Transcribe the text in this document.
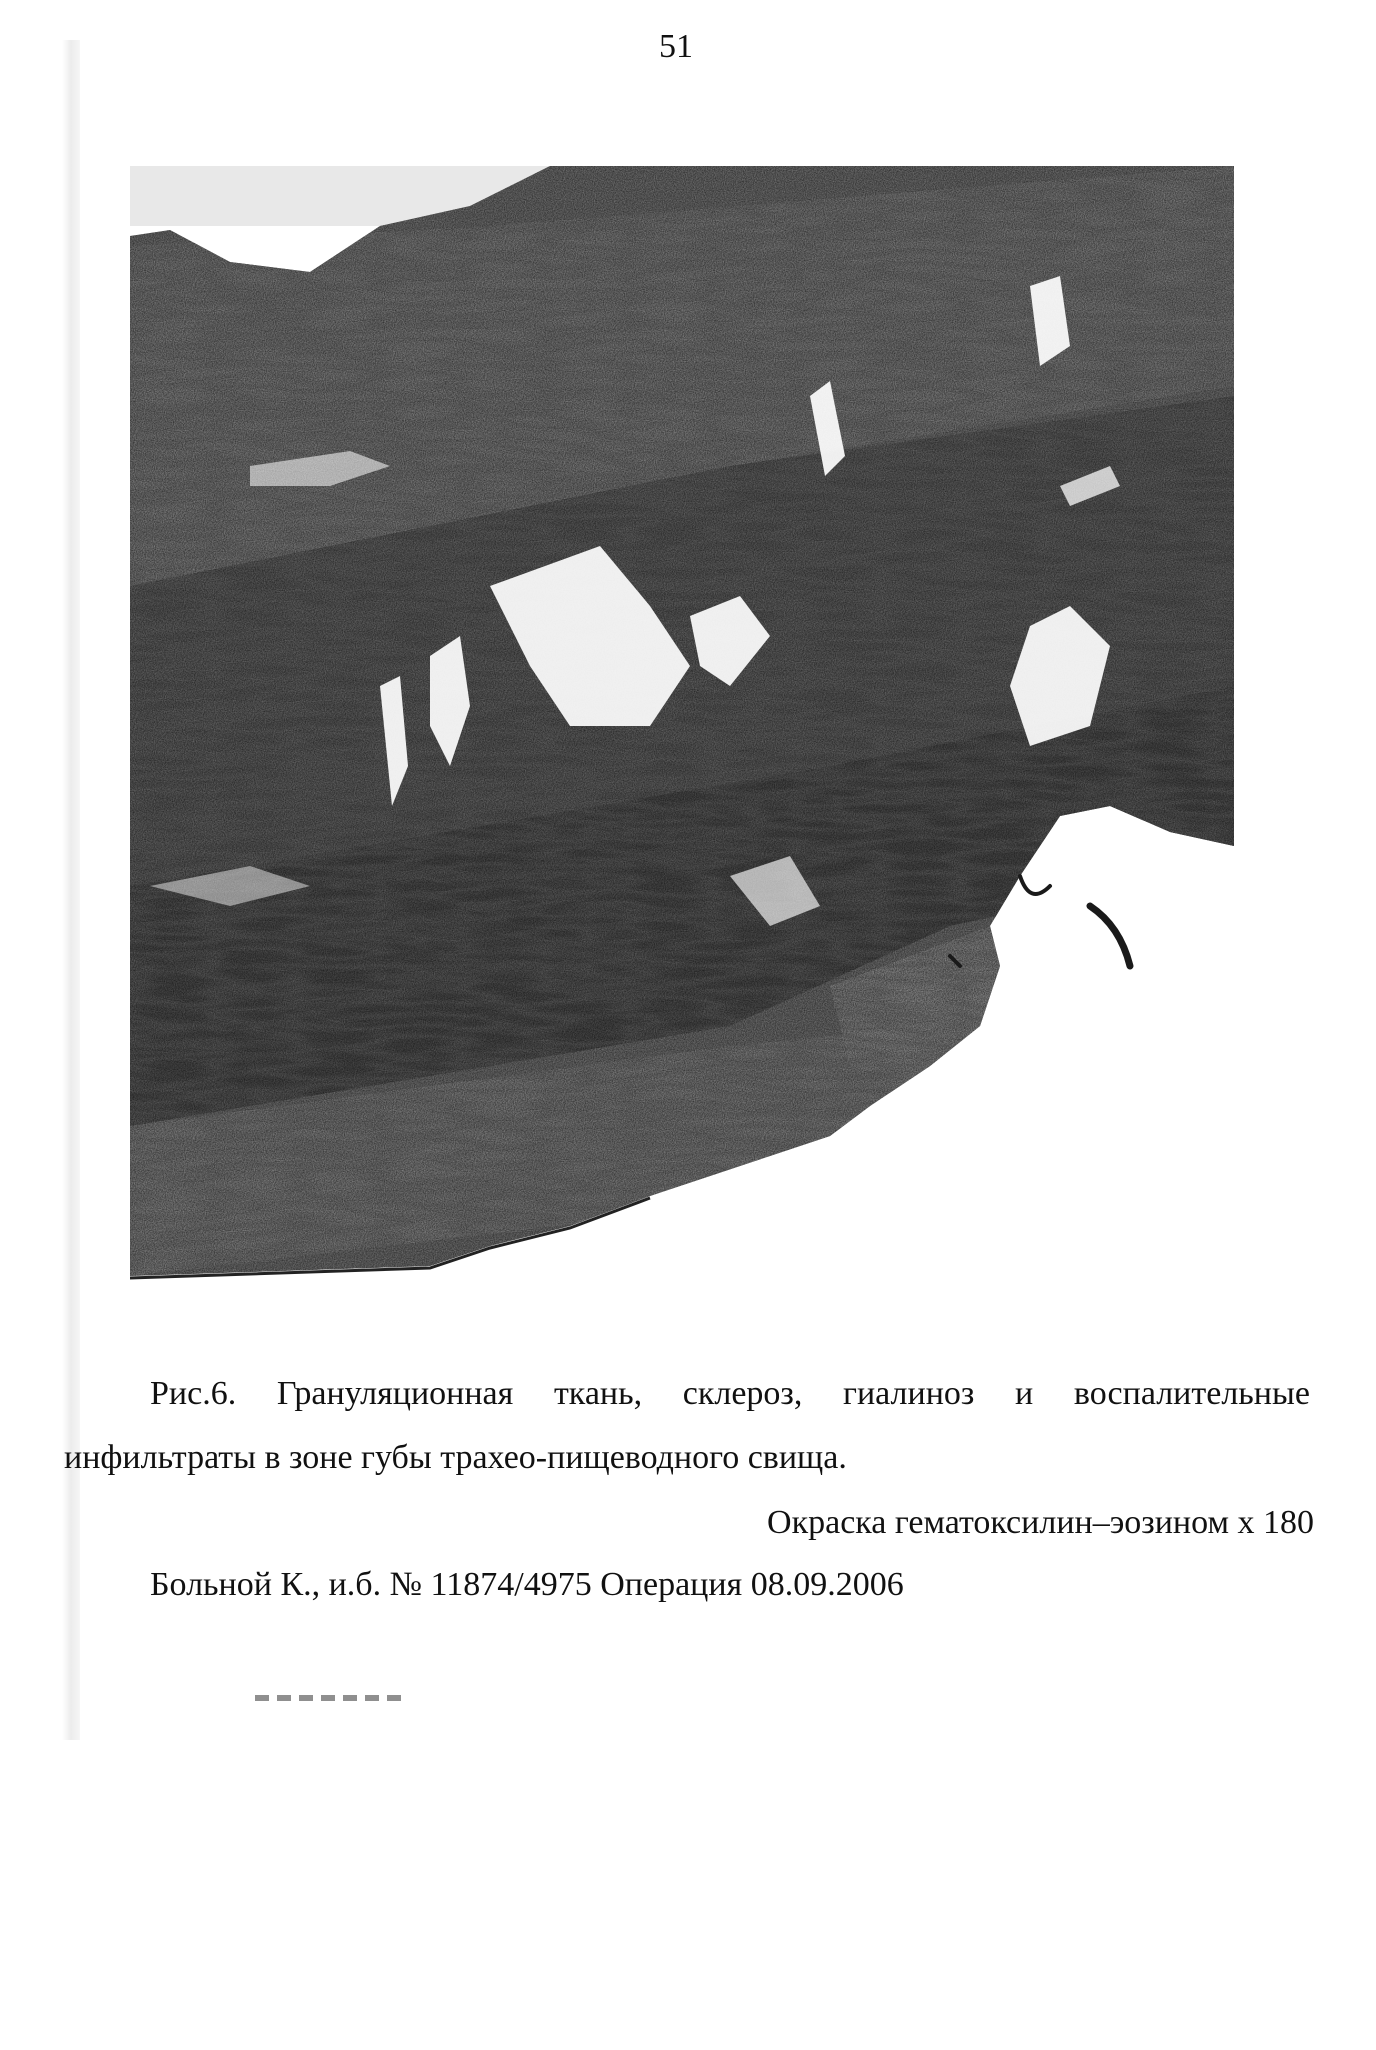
51
Рис.6. Грануляционная ткань, склероз, гиалиноз и воспалительные
инфильтраты в зоне губы трахео-пищеводного свища.
Окраска гематоксилин–эозином х 180
Больной К., и.б. № 11874/4975 Операция 08.09.2006
